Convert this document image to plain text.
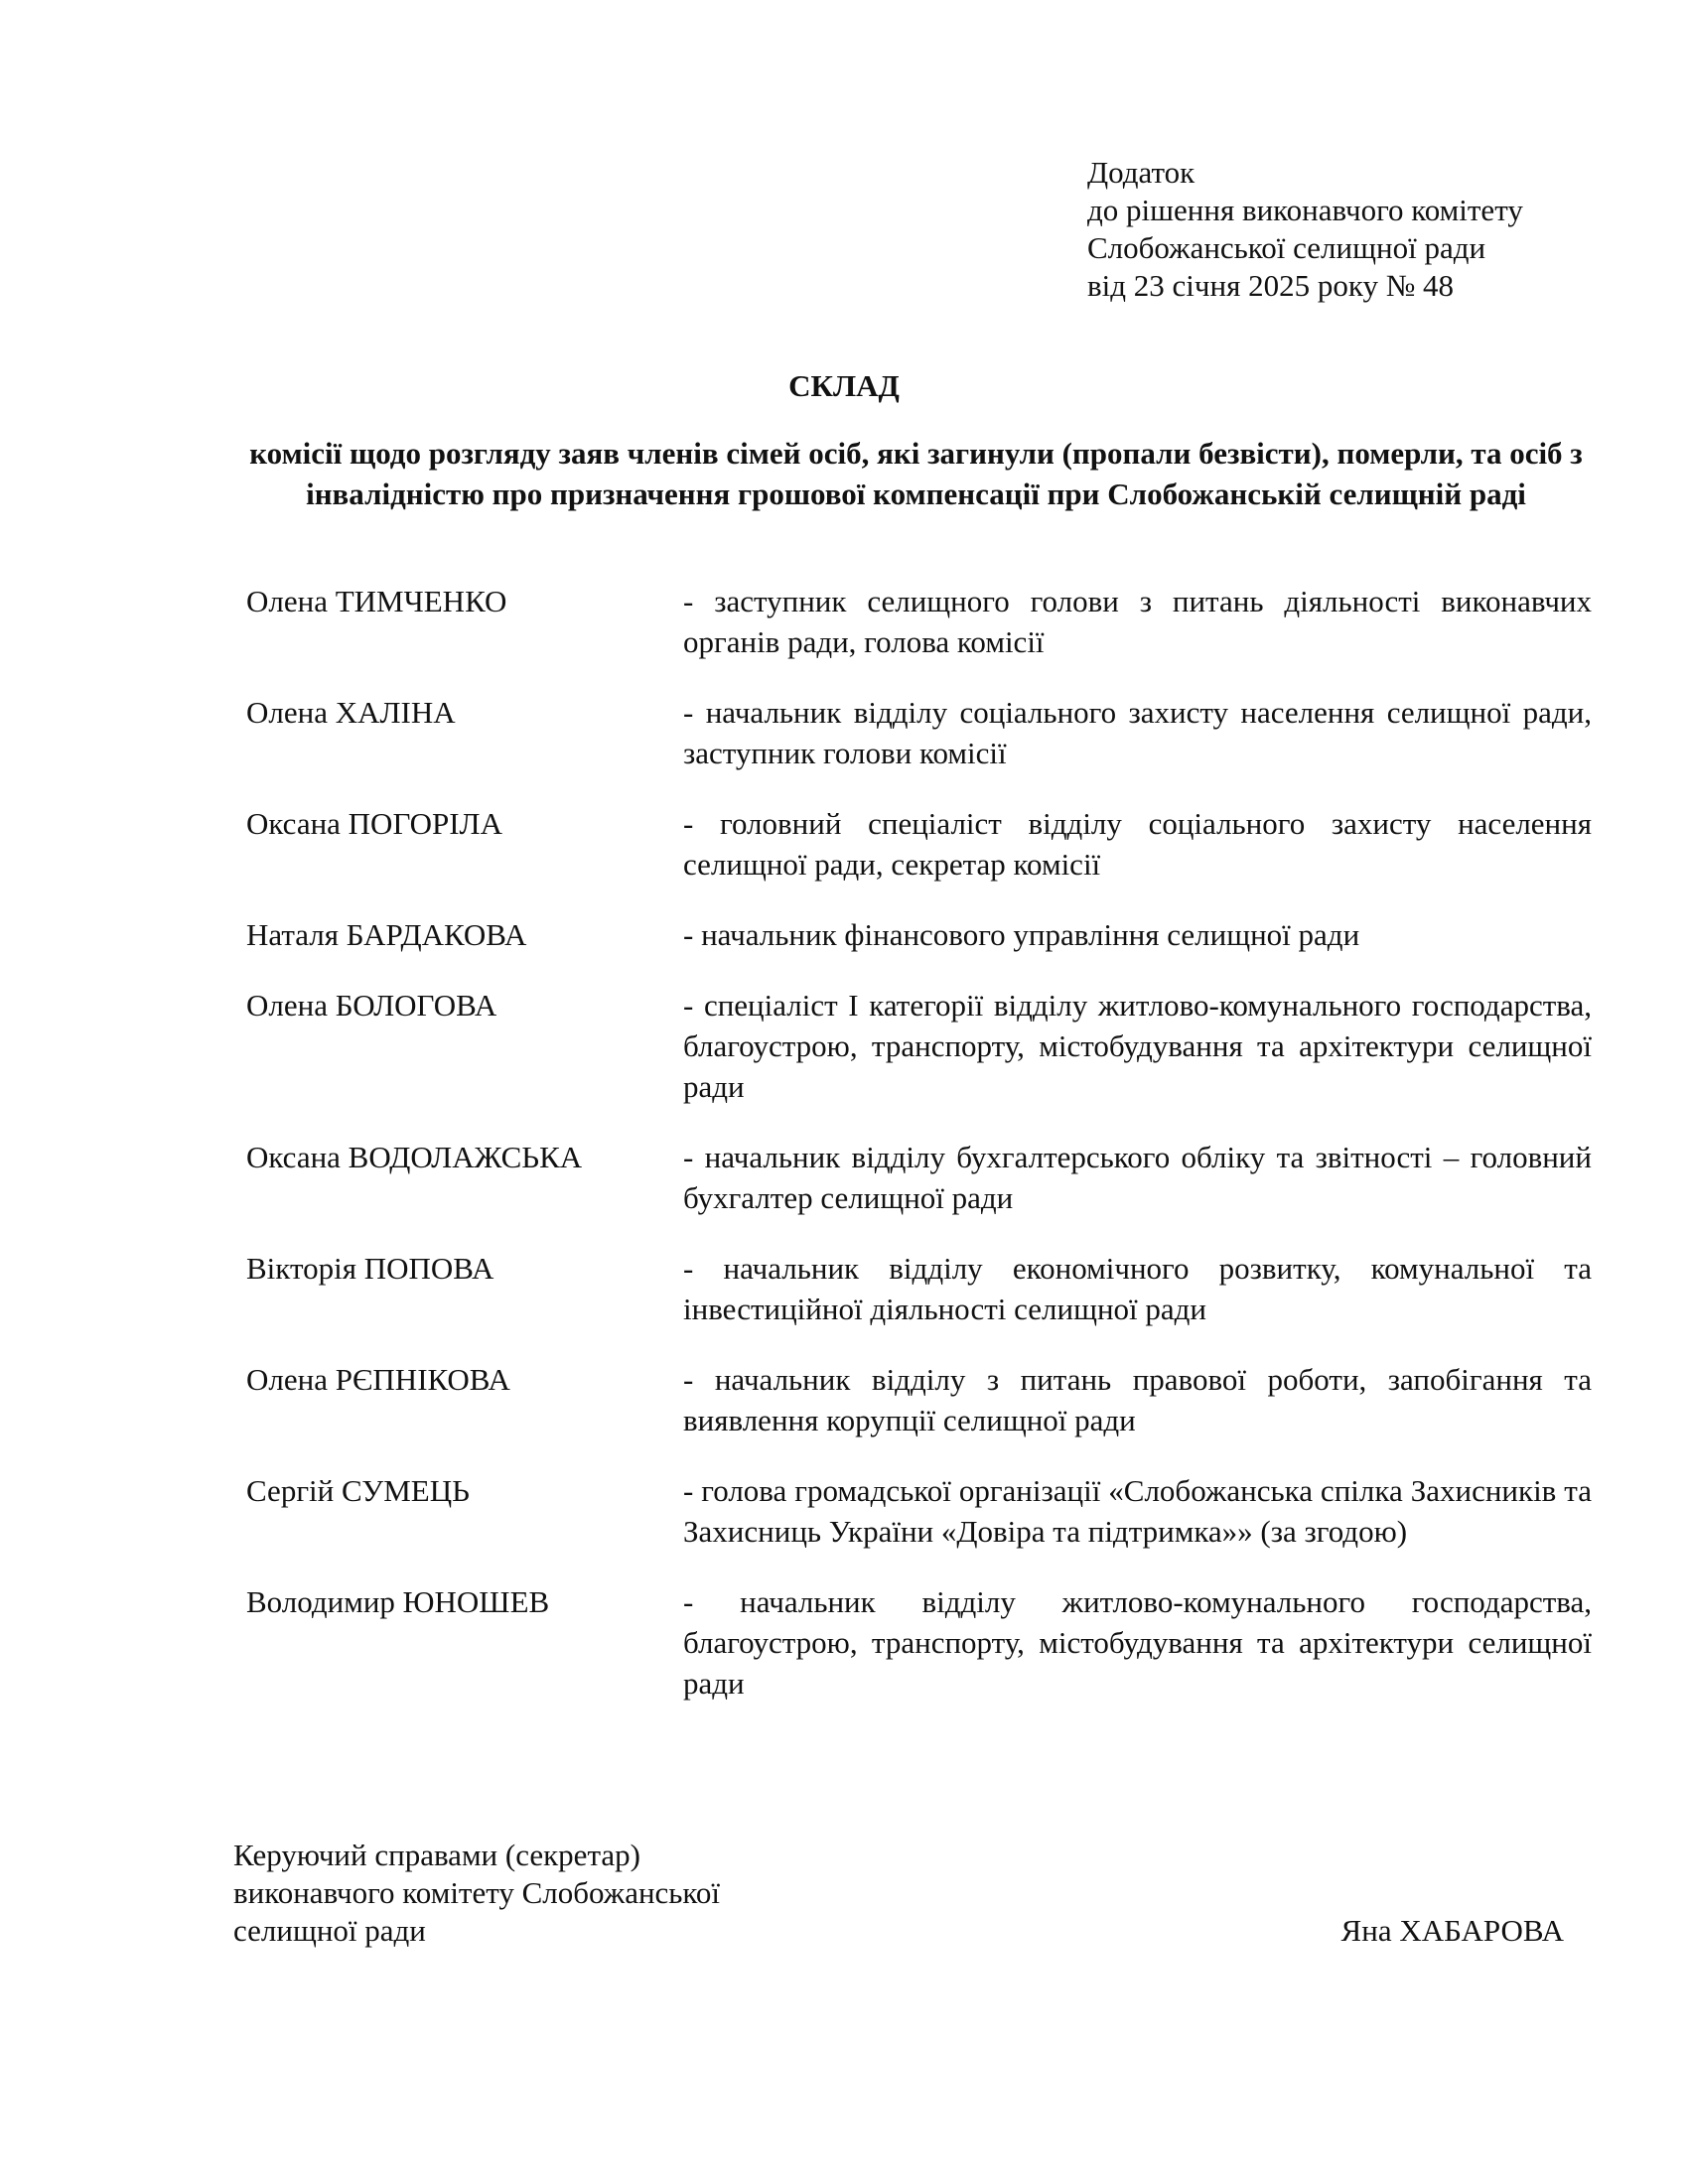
Додаток
до рішення виконавчого комітету
Слобожанської селищної ради
від 23 січня 2025 року № 48
СКЛАД
комісії щодо розгляду заяв членів сімей осіб, які загинули (пропали безвісти), померли, та осіб з інвалідністю про призначення грошової компенсації при Слобожанській селищній раді
Олена ТИМЧЕНКО	- заступник селищного голови з питань діяльності виконавчих органів ради, голова комісії
Олена ХАЛІНА	- начальник відділу соціального захисту населення селищної ради, заступник голови комісії
Оксана ПОГОРІЛА	- головний спеціаліст відділу соціального захисту населення селищної ради, секретар комісії
Наталя БАРДАКОВА	- начальник фінансового управління селищної ради
Олена БОЛОГОВА	- спеціаліст І категорії відділу житлово-комунального господарства, благоустрою, транспорту, містобудування та архітектури селищної ради
Оксана ВОДОЛАЖСЬКА	- начальник відділу бухгалтерського обліку та звітності – головний бухгалтер селищної ради
Вікторія ПОПОВА	- начальник відділу економічного розвитку, комунальної та інвестиційної діяльності селищної ради
Олена РЄПНІКОВА	- начальник відділу з питань правової роботи, запобігання та виявлення корупції селищної ради
Сергій СУМЕЦЬ	- голова громадської організації «Слобожанська спілка Захисників та Захисниць України «Довіра та підтримка»» (за згодою)
Володимир ЮНОШЕВ	- начальник відділу житлово-комунального господарства, благоустрою, транспорту, містобудування та архітектури селищної ради
Керуючий справами (секретар)
виконавчого комітету Слобожанської
селищної ради	Яна ХАБАРОВА
